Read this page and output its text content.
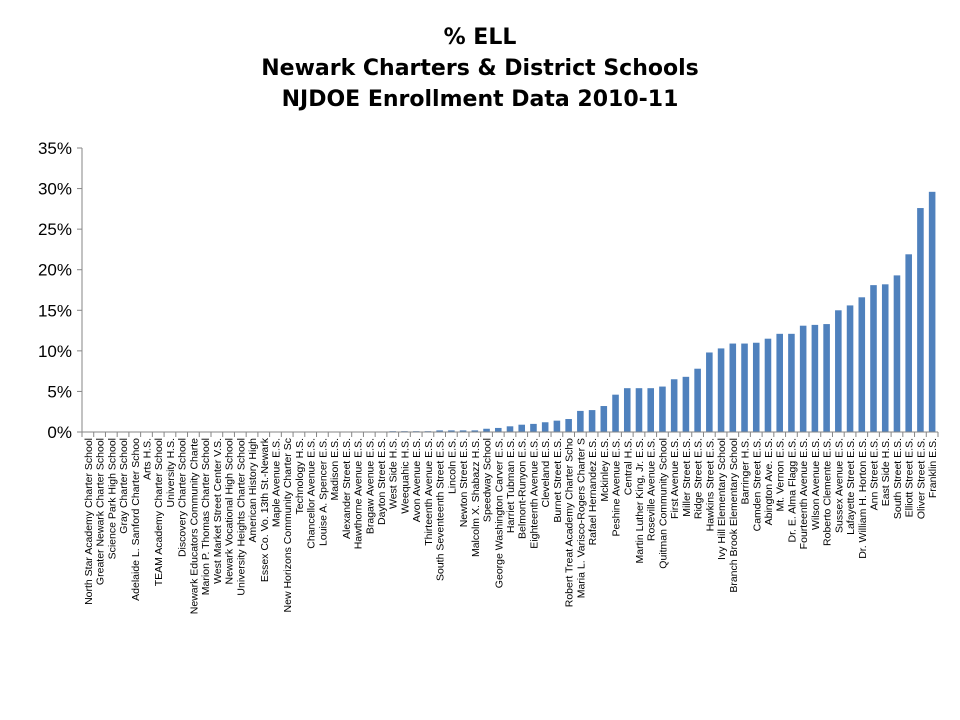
% ELL
Newark Charters & District Schools
NJDOE Enrollment Data 2010-11
0%
5%
10%
15%
20%
25%
30%
35%
North Star Academy Charter School Greater Newark Charter School Science Park High School Gray Charter School Adelaide L. Sanford Charter Schoo Arts H.S. TEAM Academy Charter School University H.S. Discovery Charter School Newark Educators Community Charte Marion P. Thomas Charter School West Market Street Center V.S. Newark Vocational High School University Heights Charter School American History High Essex Co. Vo. 13th St.-Newark Maple Avenue E.S. New Horizons Community Charter Sc Technology H.S. Chancellor Avenue E.S. Louise A. Spencer E.S. Madison E.S. Alexander Street E.S. Hawthorne Avenue E.S. Bragaw Avenue E.S. Dayton Street E.S. West Side H.S. Weequahic H.S. Avon Avenue E.S. Thirteenth Avenue E.S. South Seventeenth Street E.S. Lincoln E.S. Newton Street E.S. Malcolm X. Shabazz H.S. Speedway School George Washington Carver E.S. Harriet Tubman E.S. Belmont-Runyon E.S. Eighteenth Avenue E.S. Cleveland E.S. Burnet Street E.S. Robert Treat Academy Charter Scho Maria L. Varisco-Rogers Charter S Rafael Hernandez E.S. Mckinley E.S. Peshine Avenue E.S. Central H.S. Martin Luther King, Jr. E.S. Roseville Avenue E.S. Quitman Community School First Avenue E.S. Miller Street E.S. Ridge Street E.S. Hawkins Street E.S. Ivy Hill Elementary School Branch Brook Elementary School Barringer H.S. Camden Street E.S. Abington Ave. E.S. Mt. Vernon E.S. Dr. E. Alma Flagg E.S. Fourteenth Avenue E.S. Wilson Avenue E.S. Roberto Clemente E.S. Sussex Avenue E.S. Lafayette Street E.S. Dr. William H. Horton E.S. Ann Street E.S. East Side H.S. South Street E.S. Elliott Street E.S. Oliver Street E.S. Franklin E.S.
